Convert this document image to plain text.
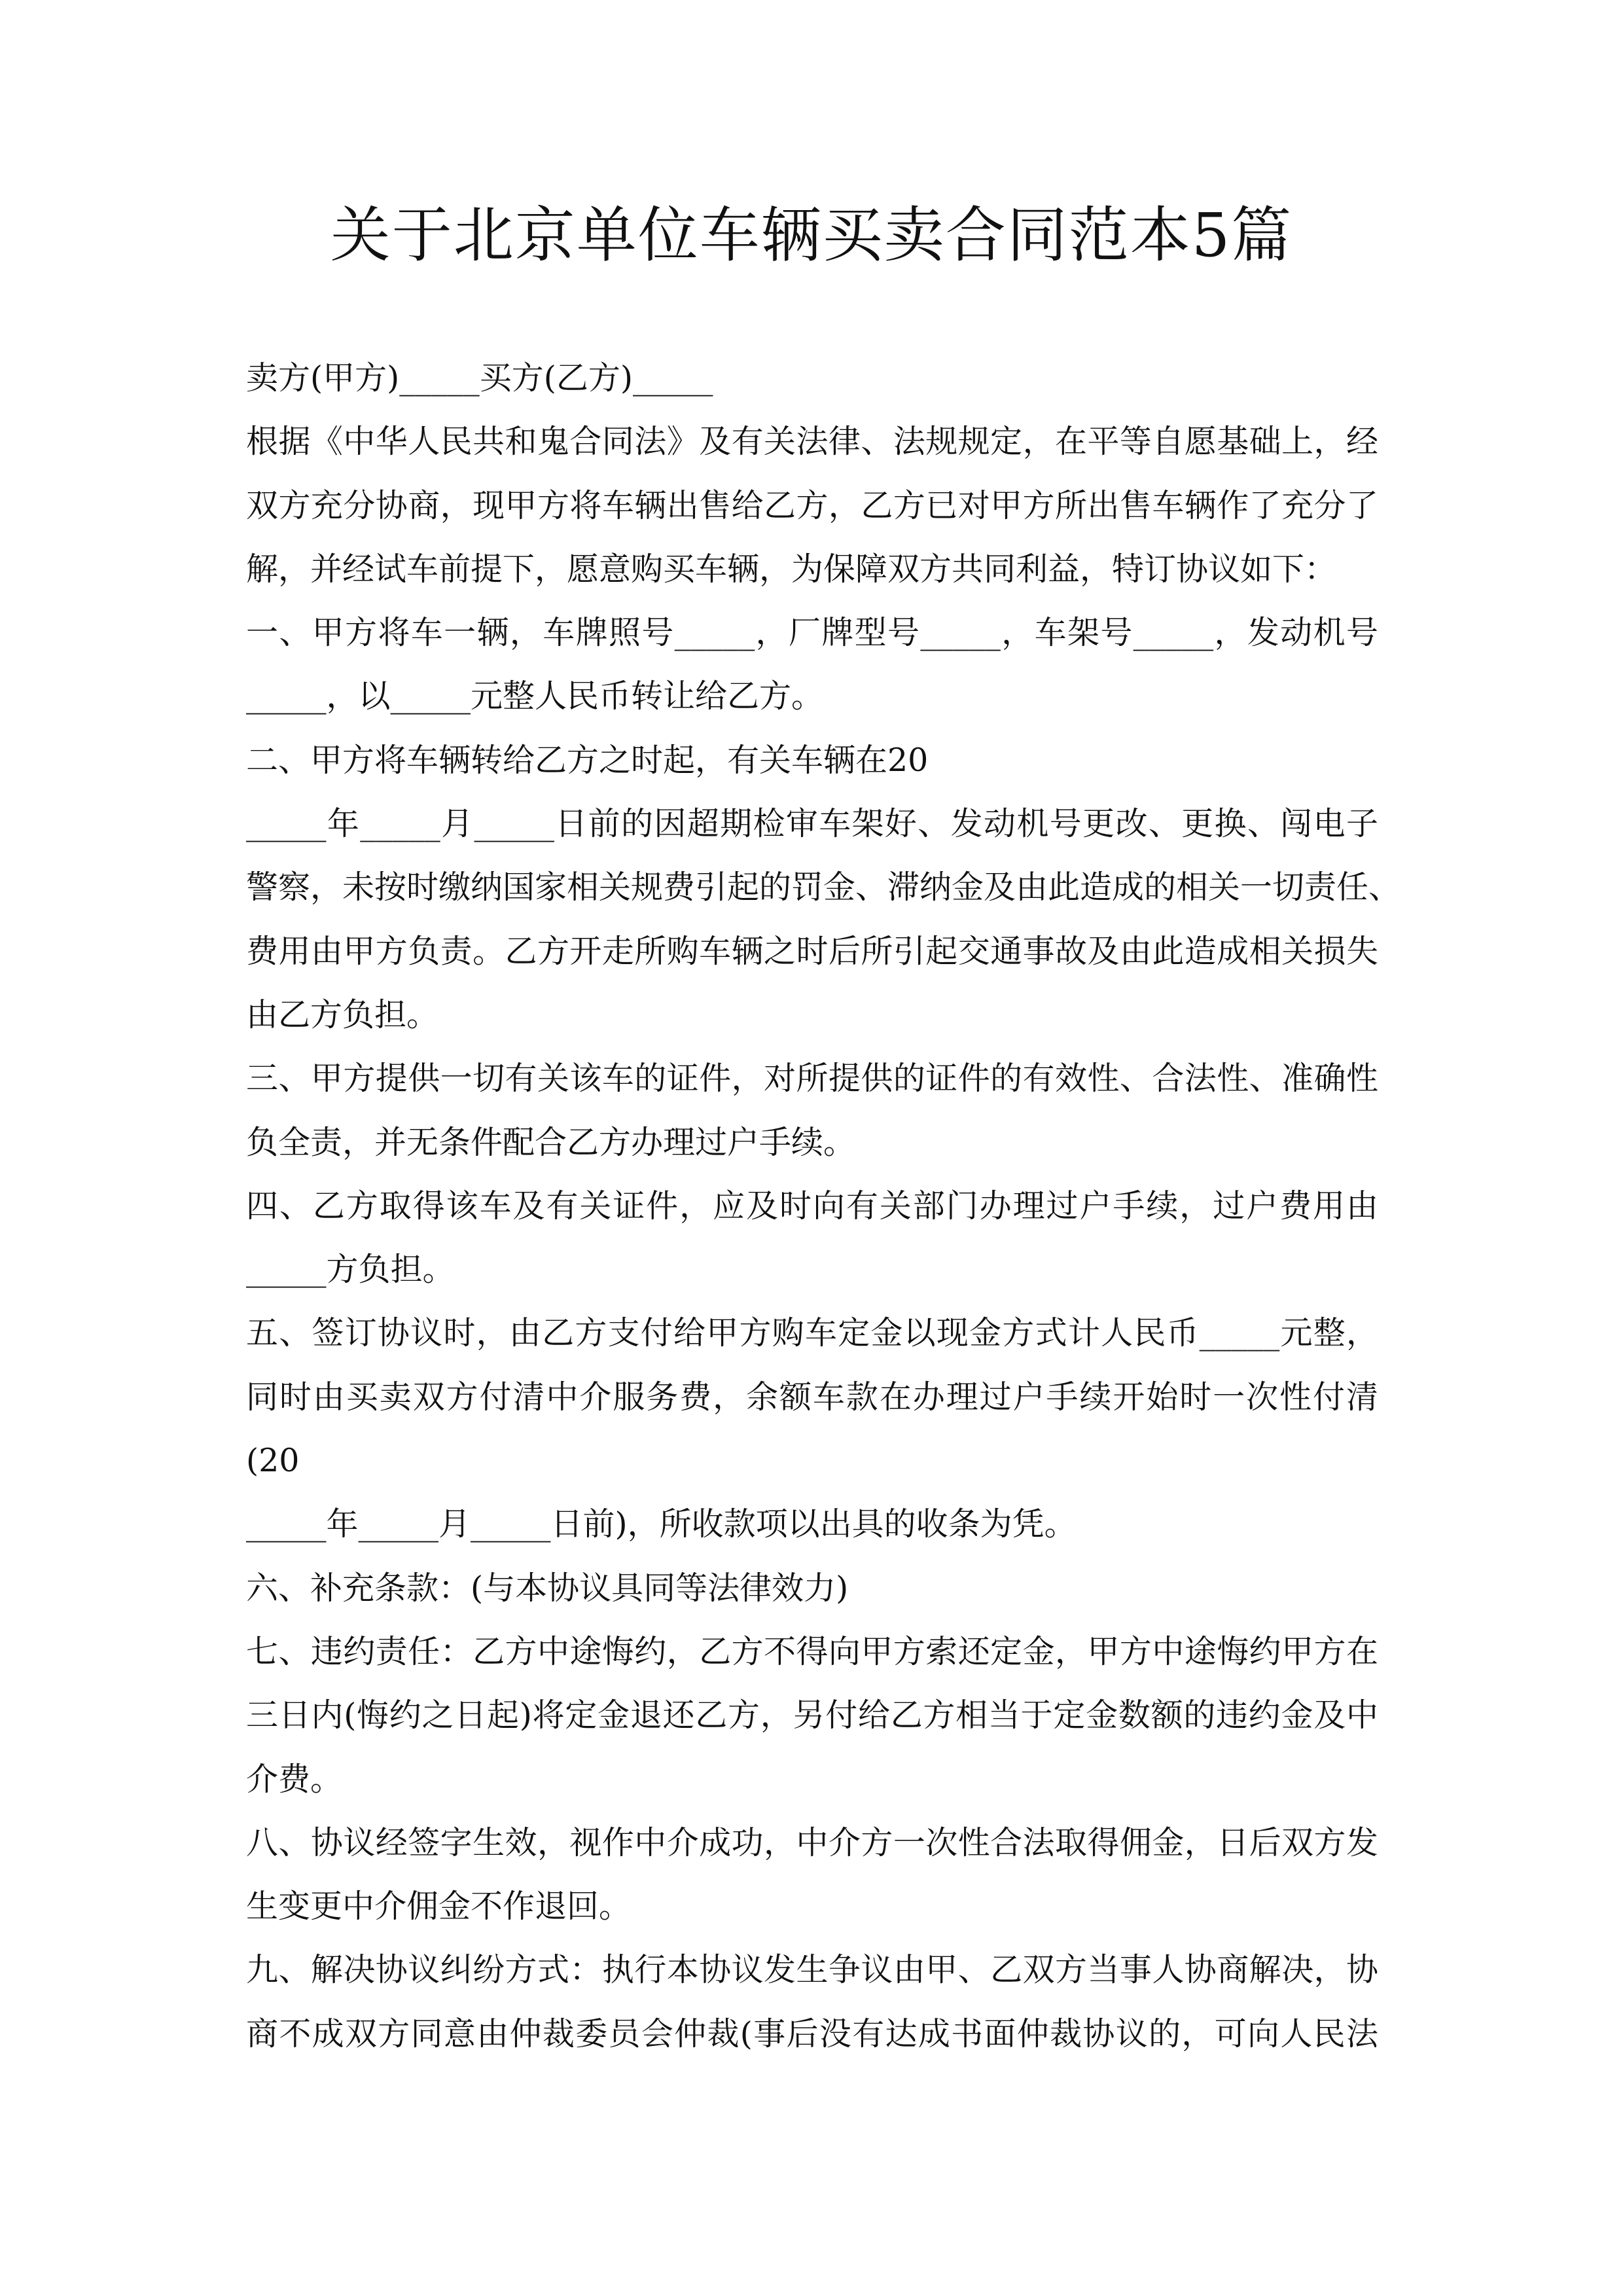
关于北京单位车辆买卖合同范本5篇
卖方(甲方)_____买方(乙方)_____
根据《中华人民共和鬼合同法》及有关法律、法规规定，在平等自愿基础上，经
双方充分协商，现甲方将车辆出售给乙方，乙方已对甲方所出售车辆作了充分了
解，并经试车前提下，愿意购买车辆，为保障双方共同利益，特订协议如下：
一、甲方将车一辆，车牌照号_____，厂牌型号_____，车架号_____，发动机号
_____，以_____元整人民币转让给乙方。
二、甲方将车辆转给乙方之时起，有关车辆在20
_____年_____月_____日前的因超期检审车架好、发动机号更改、更换、闯电子
警察，未按时缴纳国家相关规费引起的罚金、滞纳金及由此造成的相关一切责任、
费用由甲方负责。乙方开走所购车辆之时后所引起交通事故及由此造成相关损失
由乙方负担。
三、甲方提供一切有关该车的证件，对所提供的证件的有效性、合法性、准确性
负全责，并无条件配合乙方办理过户手续。
四、乙方取得该车及有关证件，应及时向有关部门办理过户手续，过户费用由
_____方负担。
五、签订协议时，由乙方支付给甲方购车定金以现金方式计人民币_____元整，
同时由买卖双方付清中介服务费，余额车款在办理过户手续开始时一次性付清
(20
_____年_____月_____日前)，所收款项以出具的收条为凭。
六、补充条款：(与本协议具同等法律效力)
七、违约责任：乙方中途悔约，乙方不得向甲方索还定金，甲方中途悔约甲方在
三日内(悔约之日起)将定金退还乙方，另付给乙方相当于定金数额的违约金及中
介费。
八、协议经签字生效，视作中介成功，中介方一次性合法取得佣金，日后双方发
生变更中介佣金不作退回。
九、解决协议纠纷方式：执行本协议发生争议由甲、乙双方当事人协商解决，协
商不成双方同意由仲裁委员会仲裁(事后没有达成书面仲裁协议的，可向人民法
